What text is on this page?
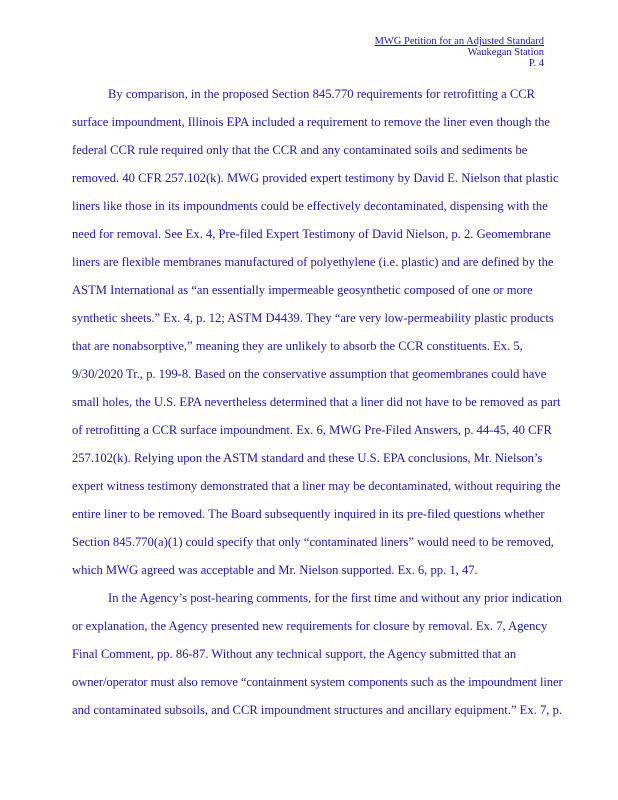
MWG Petition for an Adjusted Standard
Waukegan Station
P. 4
By comparison, in the proposed Section 845.770 requirements for retrofitting a CCR
surface impoundment, Illinois EPA included a requirement to remove the liner even though the
federal CCR rule required only that the CCR and any contaminated soils and sediments be
removed. 40 CFR 257.102(k). MWG provided expert testimony by David E. Nielson that plastic
liners like those in its impoundments could be effectively decontaminated, dispensing with the
need for removal. See Ex. 4, Pre-filed Expert Testimony of David Nielson, p. 2. Geomembrane
liners are flexible membranes manufactured of polyethylene (i.e. plastic) and are defined by the
ASTM International as “an essentially impermeable geosynthetic composed of one or more
synthetic sheets.” Ex. 4, p. 12; ASTM D4439. They “are very low-permeability plastic products
that are nonabsorptive,” meaning they are unlikely to absorb the CCR constituents. Ex. 5,
9/30/2020 Tr., p. 199-8. Based on the conservative assumption that geomembranes could have
small holes, the U.S. EPA nevertheless determined that a liner did not have to be removed as part
of retrofitting a CCR surface impoundment. Ex. 6, MWG Pre-Filed Answers, p. 44-45, 40 CFR
257.102(k). Relying upon the ASTM standard and these U.S. EPA conclusions, Mr. Nielson’s
expert witness testimony demonstrated that a liner may be decontaminated, without requiring the
entire liner to be removed. The Board subsequently inquired in its pre-filed questions whether
Section 845.770(a)(1) could specify that only “contaminated liners” would need to be removed,
which MWG agreed was acceptable and Mr. Nielson supported. Ex. 6, pp. 1, 47.
In the Agency’s post-hearing comments, for the first time and without any prior indication
or explanation, the Agency presented new requirements for closure by removal. Ex. 7, Agency
Final Comment, pp. 86-87. Without any technical support, the Agency submitted that an
owner/operator must also remove “containment system components such as the impoundment liner
and contaminated subsoils, and CCR impoundment structures and ancillary equipment.” Ex. 7, p.
